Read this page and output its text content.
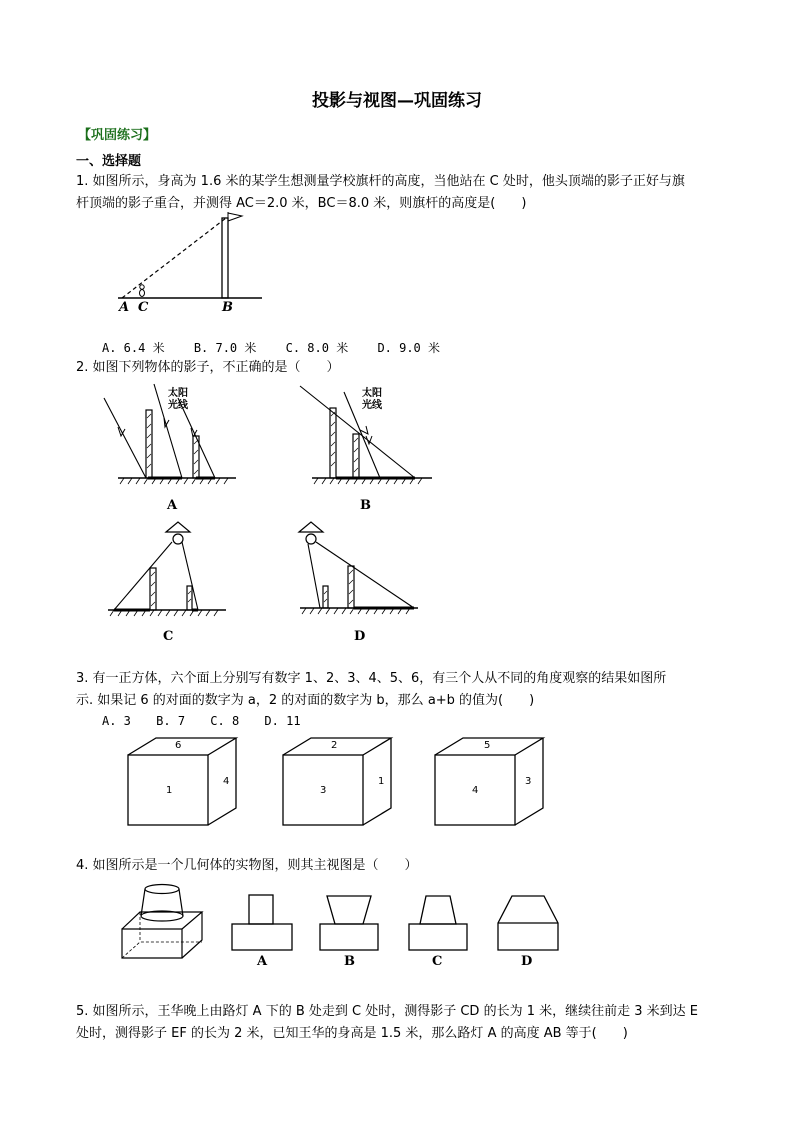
投影与视图—巩固练习
【巩固练习】
一、选择题
1. 如图所示，身高为 1.6 米的某学生想测量学校旗杆的高度，当他站在 C 处时，他头顶端的影子正好与旗
杆顶端的影子重合，并测得 AC＝2.0 米，BC＝8.0 米，则旗杆的高度是(　　)
A C	B
A. 6.4 米 B. 7.0 米 C. 8.0 米 D. 9.0 米
2. 如图下列物体的影子，不正确的是（　　）
太阳
光线
太阳
光线
A	B
C	D
3. 有一正方体，六个面上分别写有数字 1、2、3、4、5、6，有三个人从不同的角度观察的结果如图所
示. 如果记 6 的对面的数字为 a，2 的对面的数字为 b，那么 a+b 的值为(　　)
A. 3 B. 7 C. 8 D. 11
6
1
4
2
3
1
5
4
3
4. 如图所示是一个几何体的实物图，则其主视图是（　　）
A	B	C	D
5. 如图所示，王华晚上由路灯 A 下的 B 处走到 C 处时，测得影子 CD 的长为 1 米，继续往前走 3 米到达 E
处时，测得影子 EF 的长为 2 米，已知王华的身高是 1.5 米，那么路灯 A 的高度 AB 等于(　　)
